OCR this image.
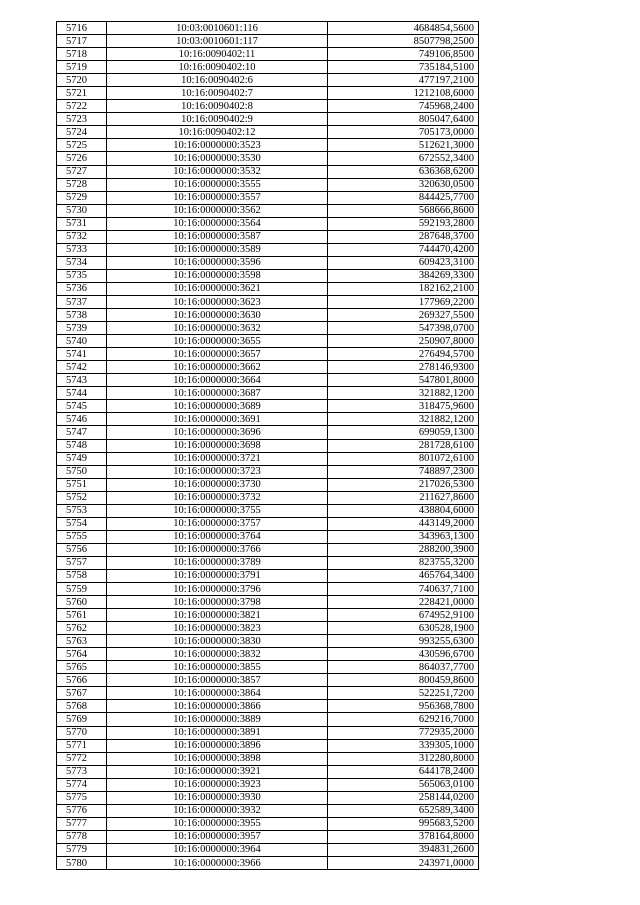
5716	10:03:0010601:116	4684854,5600
5717	10:03:0010601:117	8507798,2500
5718	10:16:0090402:11	749106,8500
5719	10:16:0090402:10	735184,5100
5720	10:16:0090402:6	477197,2100
5721	10:16:0090402:7	1212108,6000
5722	10:16:0090402:8	745968,2400
5723	10:16:0090402:9	805047,6400
5724	10:16:0090402:12	705173,0000
5725	10:16:0000000:3523	512621,3000
5726	10:16:0000000:3530	672552,3400
5727	10:16:0000000:3532	636368,6200
5728	10:16:0000000:3555	320630,0500
5729	10:16:0000000:3557	844425,7700
5730	10:16:0000000:3562	568666,8600
5731	10:16:0000000:3564	592193,2800
5732	10:16:0000000:3587	287648,3700
5733	10:16:0000000:3589	744470,4200
5734	10:16:0000000:3596	609423,3100
5735	10:16:0000000:3598	384269,3300
5736	10:16:0000000:3621	182162,2100
5737	10:16:0000000:3623	177969,2200
5738	10:16:0000000:3630	269327,5500
5739	10:16:0000000:3632	547398,0700
5740	10:16:0000000:3655	250907,8000
5741	10:16:0000000:3657	276494,5700
5742	10:16:0000000:3662	278146,9300
5743	10:16:0000000:3664	547801,8000
5744	10:16:0000000:3687	321882,1200
5745	10:16:0000000:3689	318475,9600
5746	10:16:0000000:3691	321882,1200
5747	10:16:0000000:3696	699059,1300
5748	10:16:0000000:3698	281728,6100
5749	10:16:0000000:3721	801072,6100
5750	10:16:0000000:3723	748897,2300
5751	10:16:0000000:3730	217026,5300
5752	10:16:0000000:3732	211627,8600
5753	10:16:0000000:3755	438804,6000
5754	10:16:0000000:3757	443149,2000
5755	10:16:0000000:3764	343963,1300
5756	10:16:0000000:3766	288200,3900
5757	10:16:0000000:3789	823755,3200
5758	10:16:0000000:3791	465764,3400
5759	10:16:0000000:3796	740637,7100
5760	10:16:0000000:3798	228421,0000
5761	10:16:0000000:3821	674952,9100
5762	10:16:0000000:3823	630528,1900
5763	10:16:0000000:3830	993255,6300
5764	10:16:0000000:3832	430596,6700
5765	10:16:0000000:3855	864037,7700
5766	10:16:0000000:3857	800459,8600
5767	10:16:0000000:3864	522251,7200
5768	10:16:0000000:3866	956368,7800
5769	10:16:0000000:3889	629216,7000
5770	10:16:0000000:3891	772935,2000
5771	10:16:0000000:3896	339305,1000
5772	10:16:0000000:3898	312280,8000
5773	10:16:0000000:3921	644178,2400
5774	10:16:0000000:3923	565063,0100
5775	10:16:0000000:3930	258144,0200
5776	10:16:0000000:3932	652589,3400
5777	10:16:0000000:3955	995683,5200
5778	10:16:0000000:3957	378164,8000
5779	10:16:0000000:3964	394831,2600
5780	10:16:0000000:3966	243971,0000
